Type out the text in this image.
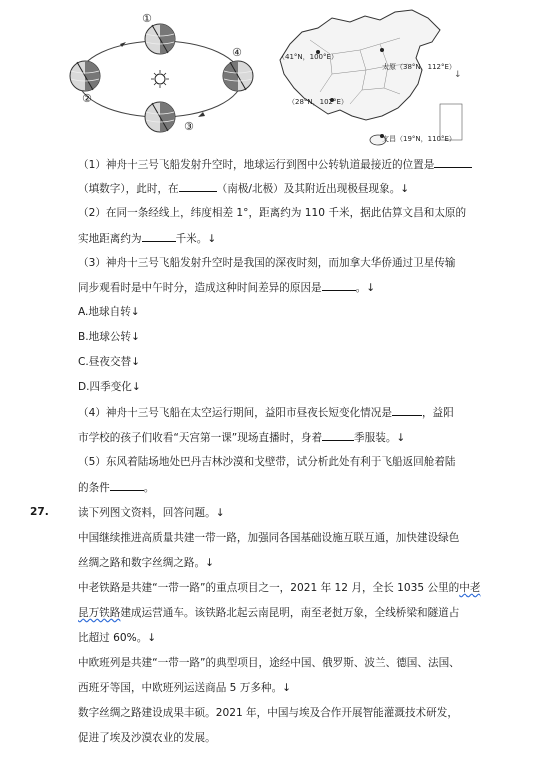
①
②
③
④	（41°N，100°E）
太原（38°N，112°E）
（28°N，102°E）
文昌（19°N，110°E）
↓
（1）神舟十三号飞船发射升空时，地球运行到图中公转轨道最接近的位置是
（填数字），此时，在	（南极/北极）及其附近出现极昼现象。↓
（2）在同一条经线上，纬度相差 1°，距离约为 110 千米，据此估算文昌和太原的
实地距离约为	千米。↓
（3）神舟十三号飞船发射升空时是我国的深夜时刻，而加拿大华侨通过卫星传输
同步观看时是中午时分，造成这种时间差异的原因是	。↓
A.地球自转↓
B.地球公转↓
C.昼夜交替↓
D.四季变化↓
（4）神舟十三号飞船在太空运行期间，益阳市昼夜长短变化情况是	，益阳
市学校的孩子们收看“天宫第一课”现场直播时，身着	季服装。↓
（5）东风着陆场地处巴丹吉林沙漠和戈壁带，试分析此处有利于飞船返回舱着陆
的条件	。
27.	读下列图文资料，回答问题。↓
中国继续推进高质量共建一带一路，加强同各国基础设施互联互通，加快建设绿色
丝绸之路和数字丝绸之路。↓
中老铁路是共建“一带一路”的重点项目之一，2021 年 12 月，全长 1035 公里的中老
昆万铁路建成运营通车。该铁路北起云南昆明，南至老挝万象，全线桥梁和隧道占
比超过 60%。↓
中欧班列是共建“一带一路”的典型项目，途经中国、俄罗斯、波兰、德国、法国、
西班牙等国，中欧班列运送商品 5 万多种。↓
数字丝绸之路建设成果丰硕。2021 年，中国与埃及合作开展智能灌溉技术研发，
促进了埃及沙漠农业的发展。
